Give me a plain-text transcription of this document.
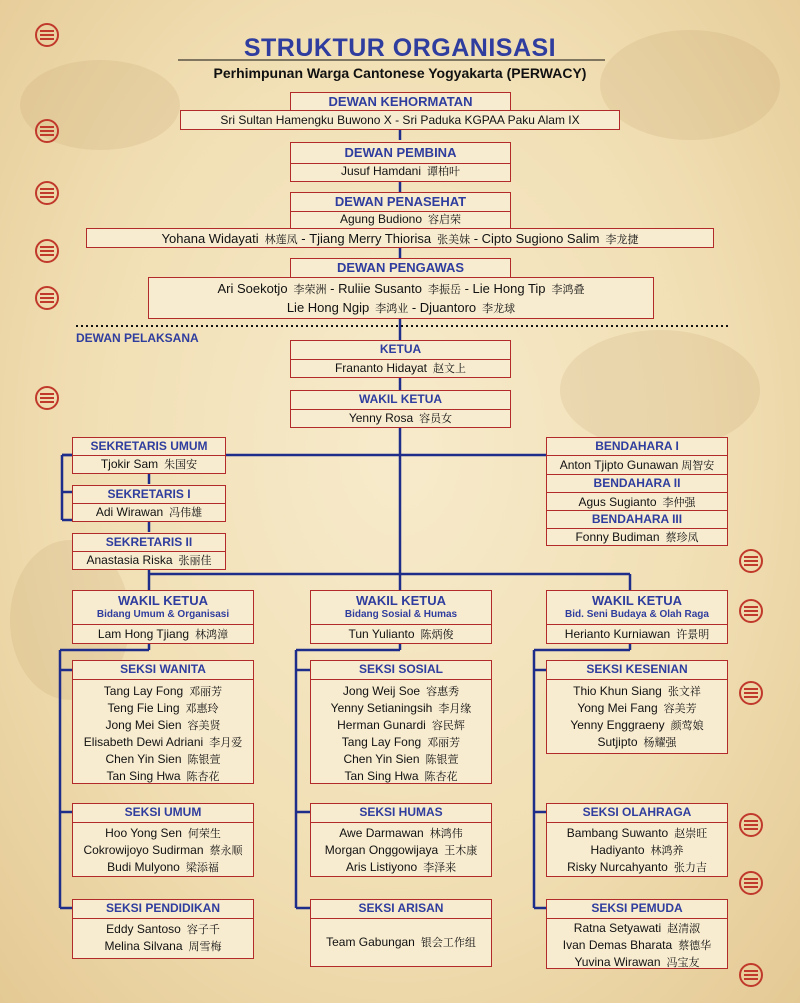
STRUKTUR ORGANISASI
Perhimpunan Warga Cantonese Yogyakarta (PERWACY)
DEWAN PELAKSANA
DEWAN KEHORMATAN
Sri Sultan Hamengku Buwono X - Sri Paduka KGPAA Paku Alam IX
DEWAN PEMBINA
Jusuf Hamdani 谭柏叶
DEWAN PENASEHAT
Agung Budiono 容启荣
Yohana Widayati 林莲凤 - Tjiang Merry Thiorisa 张美妹 - Cipto Sugiono Salim 李龙捷
DEWAN PENGAWAS
Ari Soekotjo 李荣洲 - Ruliie Susanto 李振岳 - Lie Hong Tip 李鸿叠
Lie Hong Ngip 李鸿业 - Djuantoro 李龙球
KETUA
Frananto Hidayat 赵文上
WAKIL KETUA
Yenny Rosa 容员女
SEKRETARIS UMUM
Tjokir Sam 朱国安
SEKRETARIS I
Adi Wirawan 冯伟雄
SEKRETARIS II
Anastasia Riska 张丽佳
BENDAHARA I
Anton Tjipto Gunawan 周智安
BENDAHARA II
Agus Sugianto 李仲强
BENDAHARA III
Fonny Budiman 蔡珍凤
WAKIL KETUA
Bidang Umum & Organisasi
Lam Hong Tjiang 林鸿漳
WAKIL KETUA
Bidang Sosial & Humas
Tun Yulianto 陈炳俊
WAKIL KETUA
Bid. Seni Budaya & Olah Raga
Herianto Kurniawan 许景明
SEKSI WANITA
Tang Lay Fong 邓丽芳
Teng Fie Ling 邓惠玲
Jong Mei Sien 容美贤
Elisabeth Dewi Adriani 李月爱
Chen Yin Sien 陈银萱
Tan Sing Hwa 陈杏花
SEKSI UMUM
Hoo Yong Sen 何荣生
Cokrowijoyo Sudirman 蔡永顺
Budi Mulyono 梁添福
SEKSI PENDIDIKAN
Eddy Santoso 容子千
Melina Silvana 周雪梅
SEKSI SOSIAL
Jong Weij Soe 容惠秀
Yenny Setianingsih 李月缘
Herman Gunardi 容民辉
Tang Lay Fong 邓丽芳
Chen Yin Sien 陈银萱
Tan Sing Hwa 陈杏花
SEKSI HUMAS
Awe Darmawan 林鸿伟
Morgan Onggowijaya 王木康
Aris Listiyono 李泽来
SEKSI ARISAN
Team Gabungan 银会工作组
SEKSI KESENIAN
Thio Khun Siang 张文祥
Yong Mei Fang 容美芳
Yenny Enggraeny 颜莺娘
Sutjipto 杨耀强
SEKSI OLAHRAGA
Bambang Suwanto 赵崇旺
Hadiyanto 林鸿养
Risky Nurcahyanto 张力吉
SEKSI PEMUDA
Ratna Setyawati 赵清淑
Ivan Demas Bharata 蔡德华
Yuvina Wirawan 冯宝友
